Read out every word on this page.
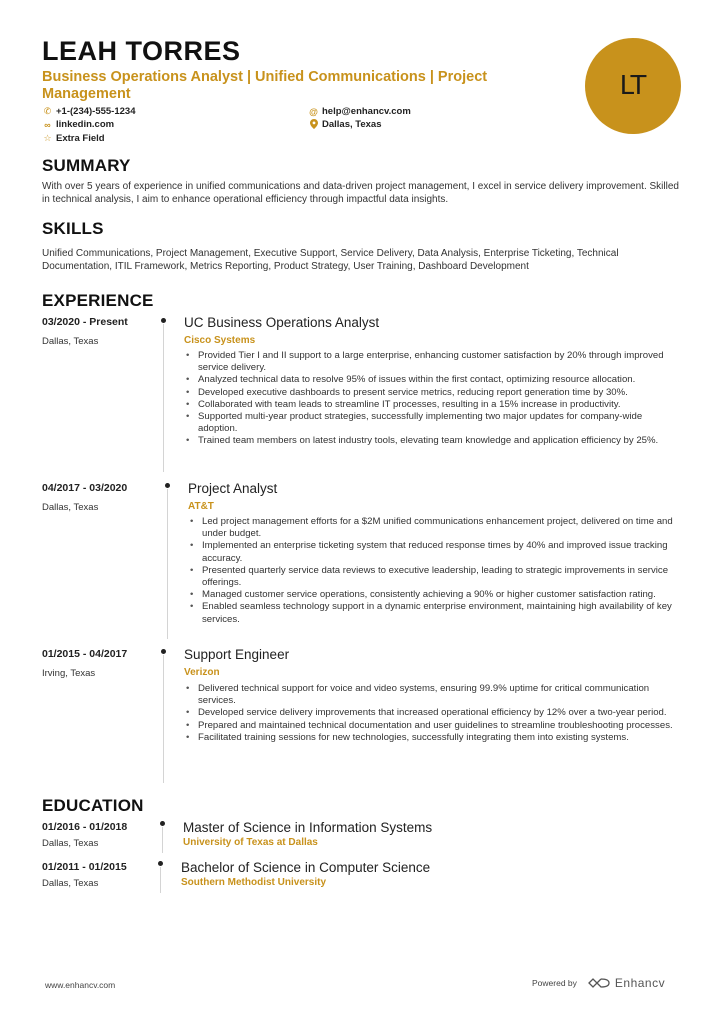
LEAH TORRES
Business Operations Analyst | Unified Communications | Project Management	LT
✆ +1-(234)-555-1234	@ help@enhancv.com
∞ linkedin.com	Dallas, Texas
☆ Extra Field
SUMMARY
With over 5 years of experience in unified communications and data-driven project management, I excel in service delivery improvement. Skilled in technical analysis, I aim to enhance operational efficiency through impactful data insights.
SKILLS
Unified Communications, Project Management, Executive Support, Service Delivery, Data Analysis, Enterprise Ticketing, Technical Documentation, ITIL Framework, Metrics Reporting, Product Strategy, User Training, Dashboard Development
EXPERIENCE
03/2020 - Present
Dallas, Texas
UC Business Operations Analyst
Cisco Systems
• Provided Tier I and II support to a large enterprise, enhancing customer satisfaction by 20% through improved service delivery.
• Analyzed technical data to resolve 95% of issues within the first contact, optimizing resource allocation.
• Developed executive dashboards to present service metrics, reducing report generation time by 30%.
• Collaborated with team leads to streamline IT processes, resulting in a 15% increase in productivity.
• Supported multi-year product strategies, successfully implementing two major updates for company-wide adoption.
• Trained team members on latest industry tools, elevating team knowledge and application efficiency by 25%.
04/2017 - 03/2020
Dallas, Texas
Project Analyst
AT&T
• Led project management efforts for a $2M unified communications enhancement project, delivered on time and under budget.
• Implemented an enterprise ticketing system that reduced response times by 40% and improved issue tracking accuracy.
• Presented quarterly service data reviews to executive leadership, leading to strategic improvements in service offerings.
• Managed customer service operations, consistently achieving a 90% or higher customer satisfaction rating.
• Enabled seamless technology support in a dynamic enterprise environment, maintaining high availability of key services.
01/2015 - 04/2017
Irving, Texas
Support Engineer
Verizon
• Delivered technical support for voice and video systems, ensuring 99.9% uptime for critical communication services.
• Developed service delivery improvements that increased operational efficiency by 12% over a two-year period.
• Prepared and maintained technical documentation and user guidelines to streamline troubleshooting processes.
• Facilitated training sessions for new technologies, successfully integrating them into existing systems.
EDUCATION
01/2016 - 01/2018
Dallas, Texas
Master of Science in Information Systems
University of Texas at Dallas
01/2011 - 01/2015
Dallas, Texas
Bachelor of Science in Computer Science
Southern Methodist University
www.enhancv.com	Powered by	Enhancv
